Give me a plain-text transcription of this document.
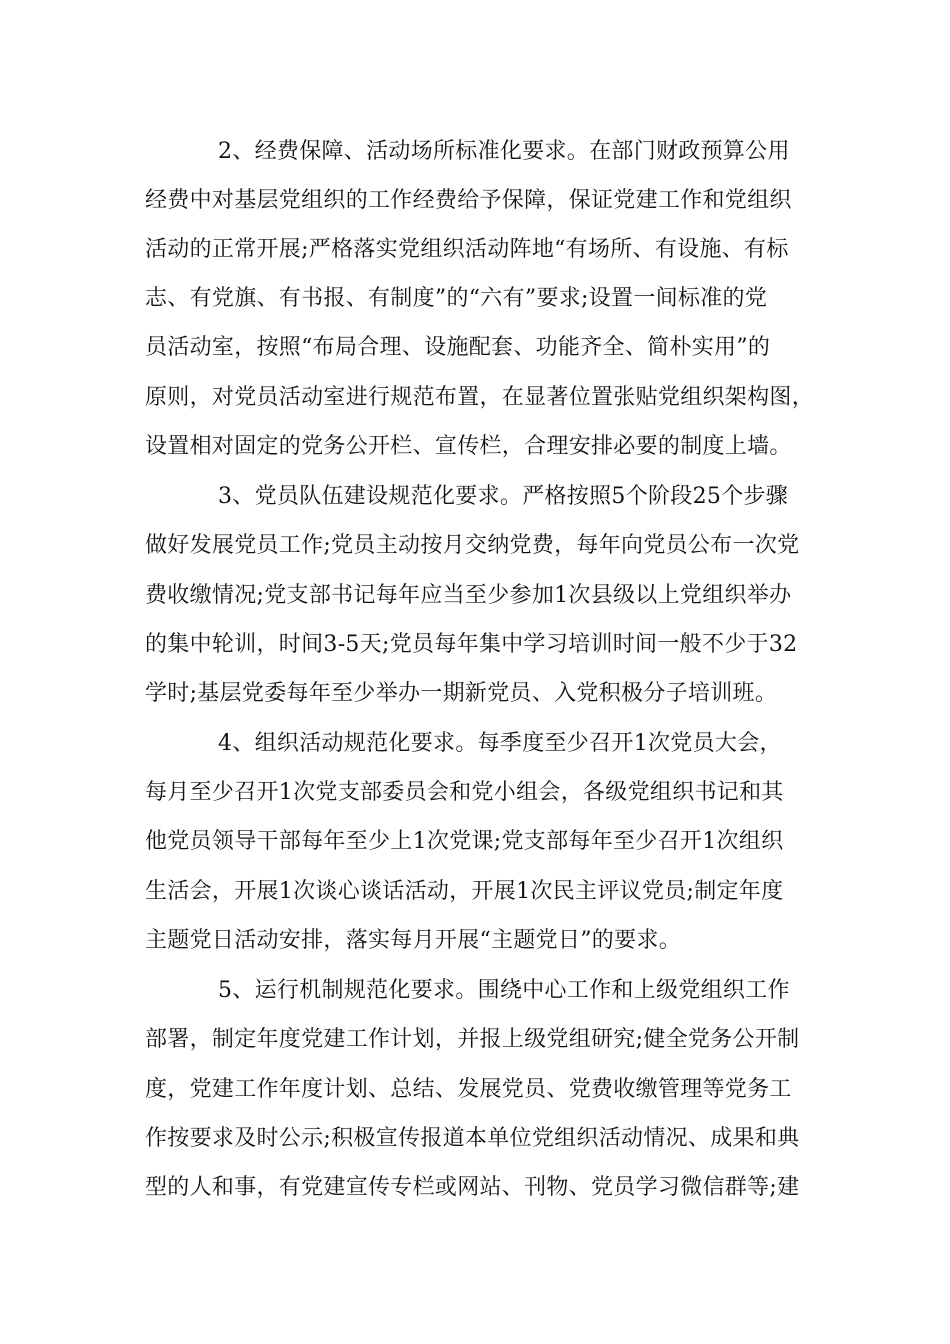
2、经费保障、活动场所标准化要求。在部门财政预算公用
经费中对基层党组织的工作经费给予保障，保证党建工作和党组织
活动的正常开展;严格落实党组织活动阵地“有场所、有设施、有标
志、有党旗、有书报、有制度”的“六有”要求;设置一间标准的党
员活动室，按照“布局合理、设施配套、功能齐全、简朴实用”的
原则，对党员活动室进行规范布置，在显著位置张贴党组织架构图，
设置相对固定的党务公开栏、宣传栏，合理安排必要的制度上墙。
3、党员队伍建设规范化要求。严格按照5个阶段25个步骤
做好发展党员工作;党员主动按月交纳党费，每年向党员公布一次党
费收缴情况;党支部书记每年应当至少参加1次县级以上党组织举办
的集中轮训，时间3-5天;党员每年集中学习培训时间一般不少于32
学时;基层党委每年至少举办一期新党员、入党积极分子培训班。
4、组织活动规范化要求。每季度至少召开1次党员大会，
每月至少召开1次党支部委员会和党小组会，各级党组织书记和其
他党员领导干部每年至少上1次党课;党支部每年至少召开1次组织
生活会，开展1次谈心谈话活动，开展1次民主评议党员;制定年度
主题党日活动安排，落实每月开展“主题党日”的要求。
5、运行机制规范化要求。围绕中心工作和上级党组织工作
部署，制定年度党建工作计划，并报上级党组研究;健全党务公开制
度，党建工作年度计划、总结、发展党员、党费收缴管理等党务工
作按要求及时公示;积极宣传报道本单位党组织活动情况、成果和典
型的人和事，有党建宣传专栏或网站、刊物、党员学习微信群等;建
